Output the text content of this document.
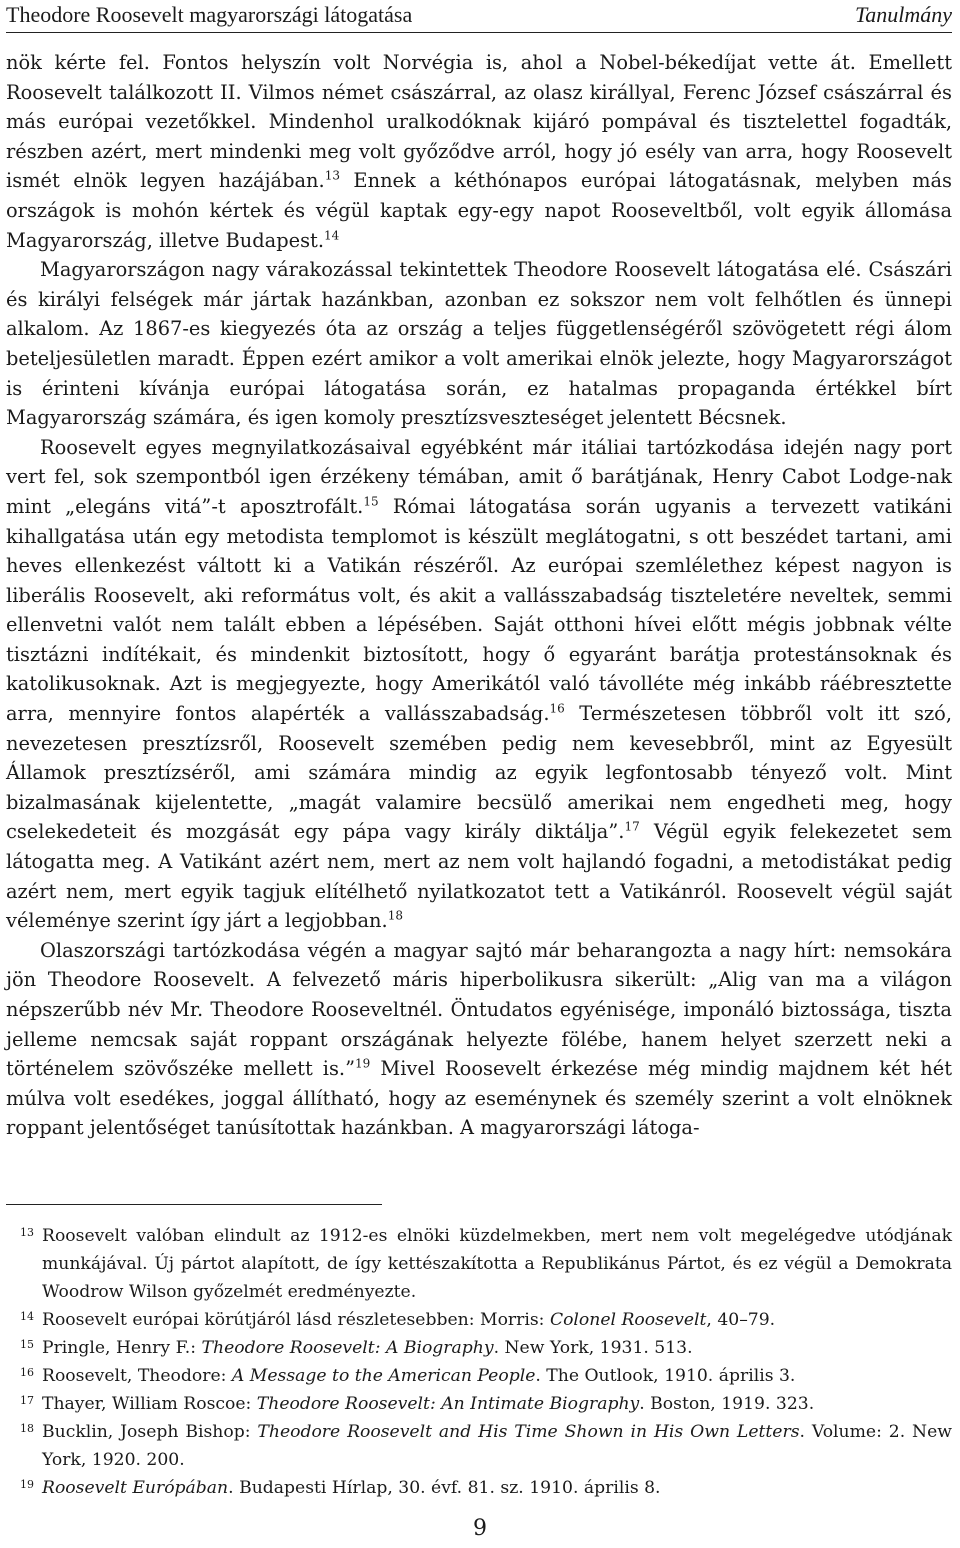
Theodore Roosevelt magyarországi látogatása	Tanulmány

nök kérte fel. Fontos helyszín volt Norvégia is, ahol a Nobel-békedíjat vette át. Emellett Roosevelt találkozott II. Vilmos német császárral, az olasz királlyal, Ferenc József császárral és más európai vezetőkkel. Mindenhol uralkodóknak kijáró pompával és tisztelettel fogadták, részben azért, mert mindenki meg volt győződve arról, hogy jó esély van arra, hogy Roosevelt ismét elnök legyen hazájában.$^{13}$ Ennek a kéthónapos európai látogatásnak, melyben más országok is mohón kértek és végül kaptak egy-egy napot Rooseveltből, volt egyik állomása Magyarország, illetve Budapest.$^{14}$

Magyarországon nagy várakozással tekintettek Theodore Roosevelt látogatása elé. Császári és királyi felségek már jártak hazánkban, azonban ez sokszor nem volt felhőtlen és ünnepi alkalom. Az 1867-es kiegyezés óta az ország a teljes függetlenségéről szövögetett régi álom beteljesületlen maradt. Éppen ezért amikor a volt amerikai elnök jelezte, hogy Magyarországot is érinteni kívánja európai látogatása során, ez hatalmas propaganda értékkel bírt Magyarország számára, és igen komoly presztízsveszteséget jelentett Bécsnek.

Roosevelt egyes megnyilatkozásaival egyébként már itáliai tartózkodása idején nagy port vert fel, sok szempontból igen érzékeny témában, amit ő barátjának, Henry Cabot Lodge-nak mint „elegáns vitá”-t aposztrofált.$^{15}$ Római látogatása során ugyanis a tervezett vatikáni kihallgatása után egy metodista templomot is készült meglátogatni, s ott beszédet tartani, ami heves ellenkezést váltott ki a Vatikán részéről. Az európai szemlélethez képest nagyon is liberális Roosevelt, aki református volt, és akit a vallásszabadság tiszteletére neveltek, semmi ellenvetni valót nem talált ebben a lépésében. Saját otthoni hívei előtt mégis jobbnak vélte tisztázni indítékait, és mindenkit biztosított, hogy ő egyaránt barátja protestánsoknak és katolikusoknak. Azt is megjegyezte, hogy Amerikától való távolléte még inkább ráébresztette arra, mennyire fontos alapérték a vallásszabadság.$^{16}$ Természetesen többről volt itt szó, nevezetesen presztízsről, Roosevelt szemében pedig nem kevesebbről, mint az Egyesült Államok presztízséről, ami számára mindig az egyik legfontosabb tényező volt. Mint bizalmasának kijelentette, „magát valamire becsülő amerikai nem engedheti meg, hogy cselekedeteit és mozgását egy pápa vagy király diktálja”.$^{17}$ Végül egyik felekezetet sem látogatta meg. A Vatikánt azért nem, mert az nem volt hajlandó fogadni, a metodistákat pedig azért nem, mert egyik tagjuk elítélhető nyilatkozatot tett a Vatikánról. Roosevelt végül saját véleménye szerint így járt a legjobban.$^{18}$

Olaszországi tartózkodása végén a magyar sajtó már beharangozta a nagy hírt: nemsokára jön Theodore Roosevelt. A felvezető máris hiperbolikusra sikerült: „Alig van ma a világon népszerűbb név Mr. Theodore Rooseveltnél. Öntudatos egyénisége, imponáló biztossága, tiszta jelleme nemcsak saját roppant országának helyezte fölébe, hanem helyet szerzett neki a történelem szövőszéke mellett is.”$^{19}$ Mivel Roosevelt érkezése még mindig majdnem két hét múlva volt esedékes, joggal állítható, hogy az eseménynek és személy szerint a volt elnöknek roppant jelentőséget tanúsítottak hazánkban. A magyarországi látoga-

13 Roosevelt valóban elindult az 1912-es elnöki küzdelmekben, mert nem volt megelégedve utódjának munkájával. Új pártot alapított, de így kettészakította a Republikánus Pártot, és ez végül a Demokrata Woodrow Wilson győzelmét eredményezte.
14 Roosevelt európai körútjáról lásd részletesebben: Morris: Colonel Roosevelt, 40–79.
15 Pringle, Henry F.: Theodore Roosevelt: A Biography. New York, 1931. 513.
16 Roosevelt, Theodore: A Message to the American People. The Outlook, 1910. április 3.
17 Thayer, William Roscoe: Theodore Roosevelt: An Intimate Biography. Boston, 1919. 323.
18 Bucklin, Joseph Bishop: Theodore Roosevelt and His Time Shown in His Own Letters. Volume: 2. New York, 1920. 200.
19 Roosevelt Európában. Budapesti Hírlap, 30. évf. 81. sz. 1910. április 8.
9
